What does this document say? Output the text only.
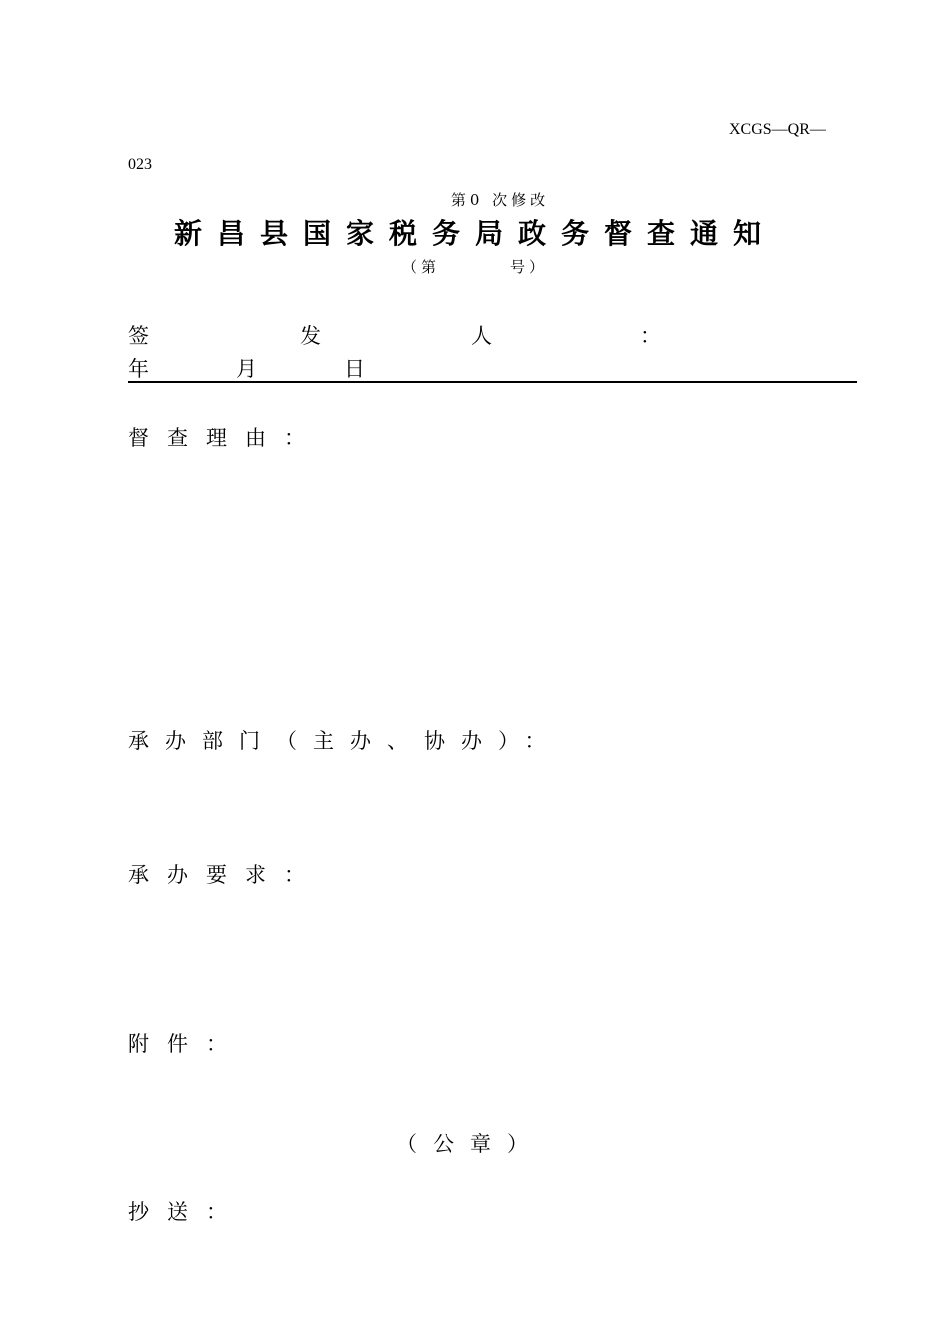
XCGS—QR—
023
第0 次修改
新昌县国家税务局政务督查通知
（第	号）
签	发	人	：
年	月	日
督查理由：
承办部门（主办、协办）：
承办要求：
附件：
（公章）
抄送：
